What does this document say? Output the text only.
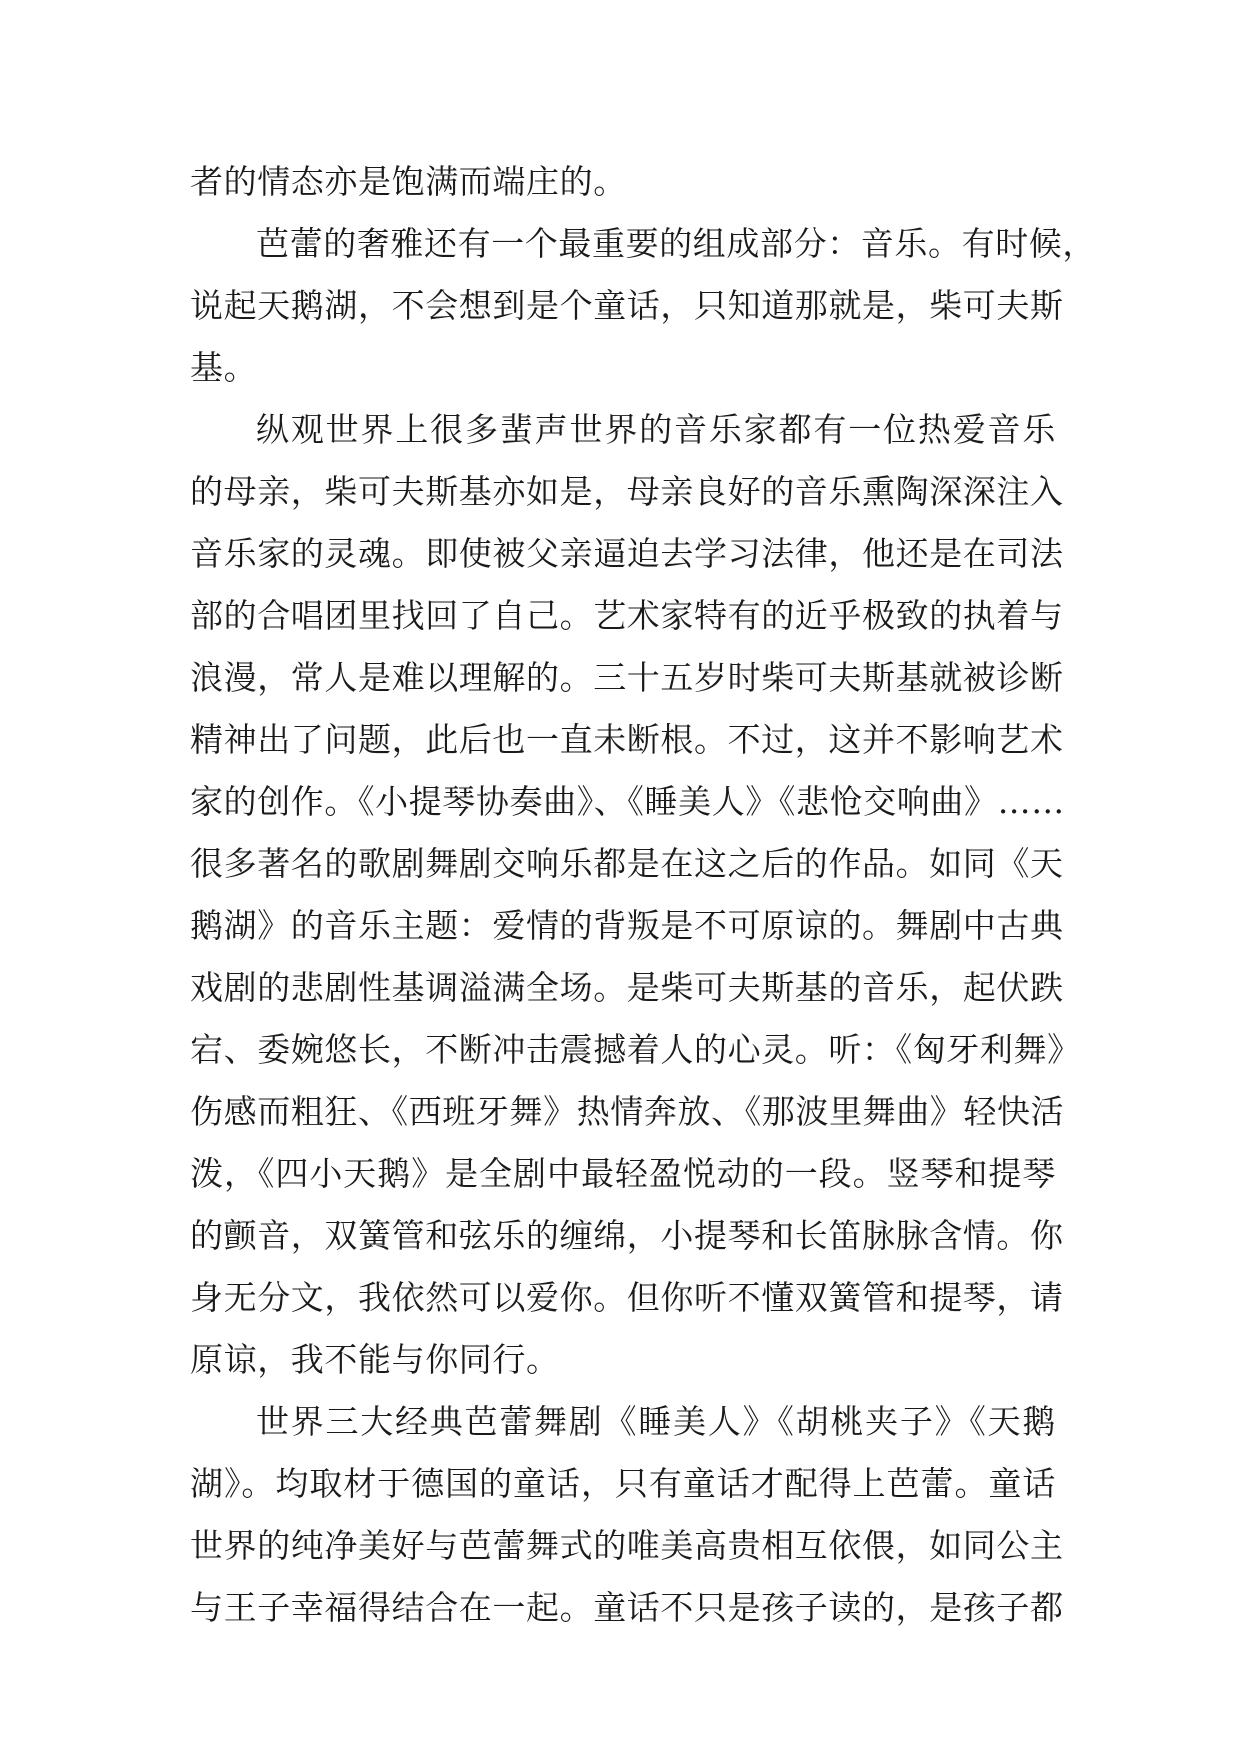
者的情态亦是饱满而端庄的。
芭蕾的奢雅还有一个最重要的组成部分：音乐。有时候，
说起天鹅湖，不会想到是个童话，只知道那就是，柴可夫斯
基。
纵观世界上很多蜚声世界的音乐家都有一位热爱音乐
的母亲，柴可夫斯基亦如是，母亲良好的音乐熏陶深深注入
音乐家的灵魂。即使被父亲逼迫去学习法律，他还是在司法
部的合唱团里找回了自己。艺术家特有的近乎极致的执着与
浪漫，常人是难以理解的。三十五岁时柴可夫斯基就被诊断
精神出了问题，此后也一直未断根。不过，这并不影响艺术
家的创作。《小提琴协奏曲》、《睡美人》《悲怆交响曲》……
很多著名的歌剧舞剧交响乐都是在这之后的作品。如同《天
鹅湖》的音乐主题：爱情的背叛是不可原谅的。舞剧中古典
戏剧的悲剧性基调溢满全场。是柴可夫斯基的音乐，起伏跌
宕、委婉悠长，不断冲击震撼着人的心灵。听：《匈牙利舞》
伤感而粗狂、《西班牙舞》热情奔放、《那波里舞曲》轻快活
泼，《四小天鹅》是全剧中最轻盈悦动的一段。竖琴和提琴
的颤音，双簧管和弦乐的缠绵，小提琴和长笛脉脉含情。你
身无分文，我依然可以爱你。但你听不懂双簧管和提琴，请
原谅，我不能与你同行。
世界三大经典芭蕾舞剧《睡美人》《胡桃夹子》《天鹅
湖》。均取材于德国的童话，只有童话才配得上芭蕾。童话
世界的纯净美好与芭蕾舞式的唯美高贵相互依偎，如同公主
与王子幸福得结合在一起。童话不只是孩子读的，是孩子都
